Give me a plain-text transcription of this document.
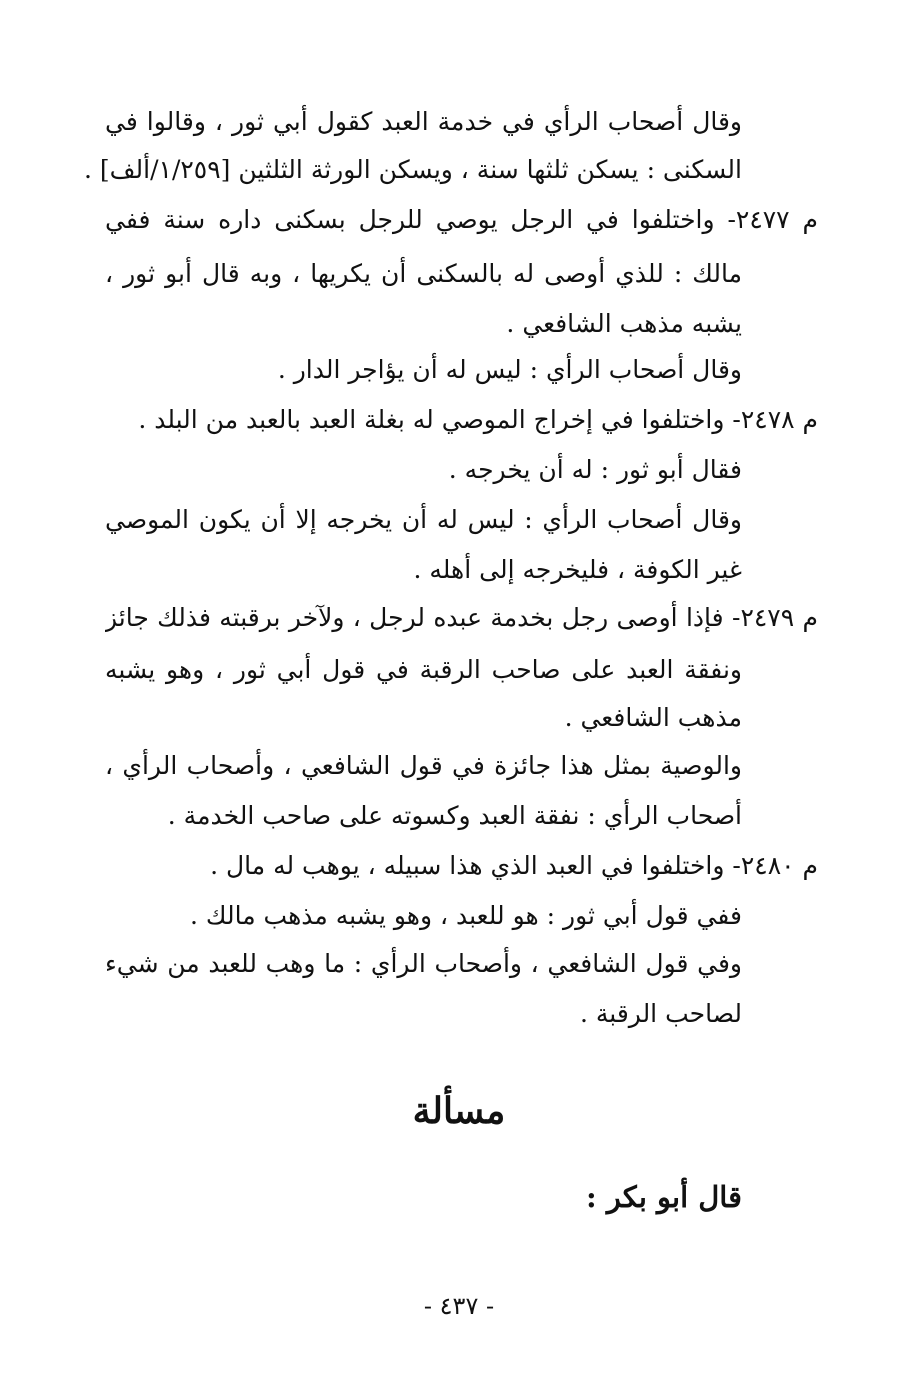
وقال أصحاب الرأي في خدمة العبد كقول أبي ثور ، وقالوا في
السكنى : يسكن ثلثها سنة ، ويسكن الورثة الثلثين [١/٢٥٩/ألف] .
م ٢٤٧٧- واختلفوا في الرجل يوصي للرجل بسكنى داره سنة ففي
مالك : للذي أوصى له بالسكنى أن يكريها ، وبه قال أبو ثور ،
يشبه مذهب الشافعي .
وقال أصحاب الرأي : ليس له أن يؤاجر الدار .
م ٢٤٧٨- واختلفوا في إخراج الموصي له بغلة العبد بالعبد من البلد .
فقال أبو ثور : له أن يخرجه .
وقال أصحاب الرأي : ليس له أن يخرجه إلا أن يكون الموصي
غير الكوفة ، فليخرجه إلى أهله .
م ٢٤٧٩- فإذا أوصى رجل بخدمة عبده لرجل ، ولآخر برقبته فذلك جائز
ونفقة العبد على صاحب الرقبة في قول أبي ثور ، وهو يشبه
مذهب الشافعي .
والوصية بمثل هذا جائزة في قول الشافعي ، وأصحاب الرأي ،
أصحاب الرأي : نفقة العبد وكسوته على صاحب الخدمة .
م ٢٤٨٠- واختلفوا في العبد الذي هذا سبيله ، يوهب له مال .
ففي قول أبي ثور : هو للعبد ، وهو يشبه مذهب مالك .
وفي قول الشافعي ، وأصحاب الرأي : ما وهب للعبد من شيء
لصاحب الرقبة .
مسألة
قال أبو بكر :
- ٤٣٧ -
